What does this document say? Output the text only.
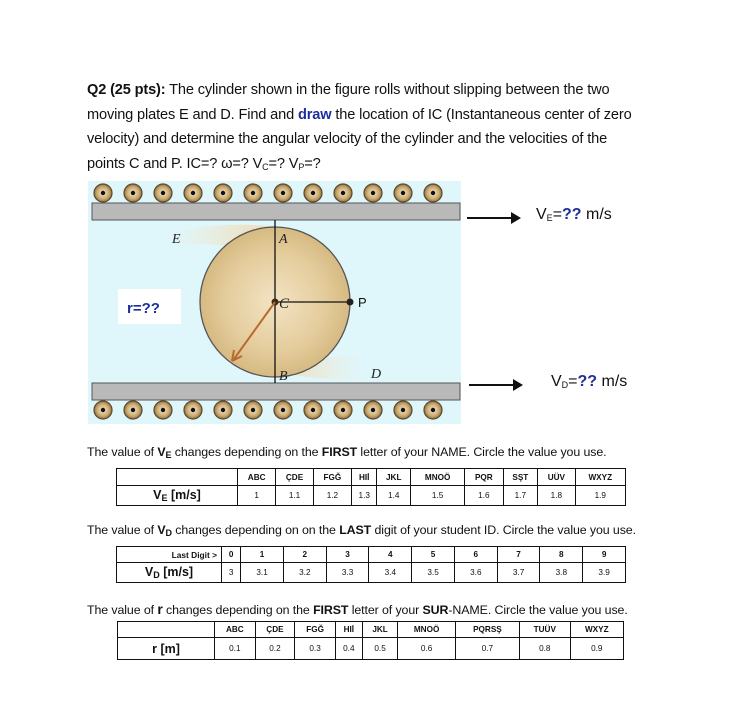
Q2 (25 pts): The cylinder shown in the figure rolls without slipping between the two
moving plates E and D. Find and draw the location of IC (Instantaneous center of zero
velocity) and determine the angular velocity of the cylinder and the velocities of the
points C and P. IC=? ω=? $V_C=$? $V_P=$?
r=??
E	A
C
B	D
P
$V_E=$?? m/s
$V_D=$?? m/s
The value of $V_E$ changes depending on the FIRST letter of your NAME. Circle the value you use.
	ABC	ÇDE	FGĞ	HIİ	JKL	MNOÖ	PQR	SŞT	UÜV	WXYZ
$V_E$ [m/s]	1	1.1	1.2	1.3	1.4	1.5	1.6	1.7	1.8	1.9
The value of $V_D$ changes depending on on the LAST digit of your student ID. Circle the value you use.
Last Digit >	0	1	2	3	4	5	6	7	8	9
$V_D$ [m/s]	3	3.1	3.2	3.3	3.4	3.5	3.6	3.7	3.8	3.9
The value of r changes depending on the FIRST letter of your SUR-NAME. Circle the value you use.
	ABC	ÇDE	FGĞ	HIİ	JKL	MNOÖ	PQRSŞ	TUÜV	WXYZ
r [m]	0.1	0.2	0.3	0.4	0.5	0.6	0.7	0.8	0.9
